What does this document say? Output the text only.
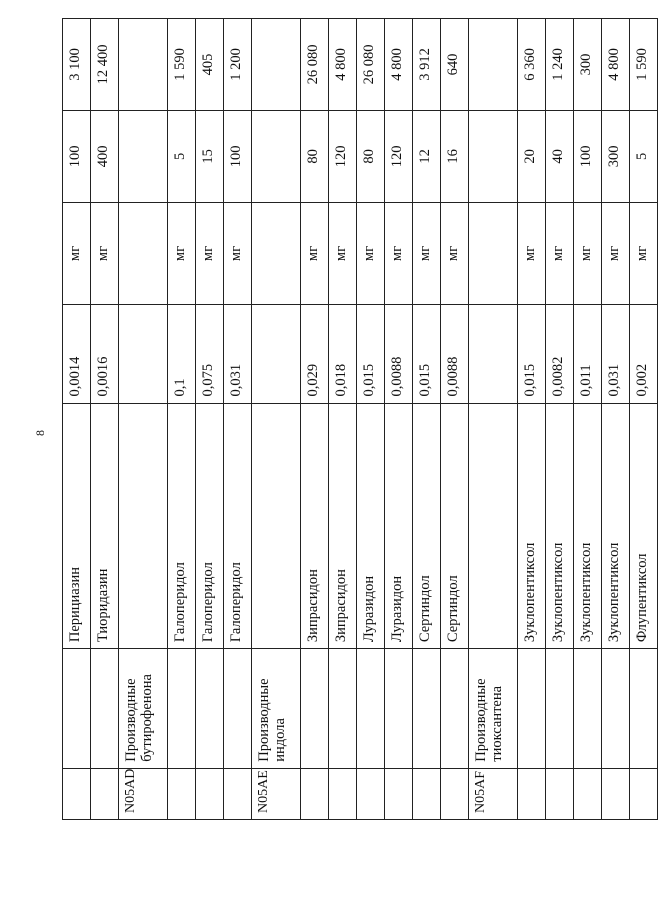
8
		Перициазин	0,0014	мг	100	3 100
		Тиоридазин	0,0016	мг	400	12 400
N05AD	Производные бутирофенона					
		Галоперидол	0,1	мг	5	1 590
		Галоперидол	0,075	мг	15	405
		Галоперидол	0,031	мг	100	1 200
N05AE	Производные индола					
		Зипрасидон	0,029	мг	80	26 080
		Зипрасидон	0,018	мг	120	4 800
		Луразидон	0,015	мг	80	26 080
		Луразидон	0,0088	мг	120	4 800
		Сертиндол	0,015	мг	12	3 912
		Сертиндол	0,0088	мг	16	640
N05AF	Производные тиоксантена					
		Зуклопентиксол	0,015	мг	20	6 360
		Зуклопентиксол	0,0082	мг	40	1 240
		Зуклопентиксол	0,011	мг	100	300
		Зуклопентиксол	0,031	мг	300	4 800
		Флупентиксол	0,002	мг	5	1 590
